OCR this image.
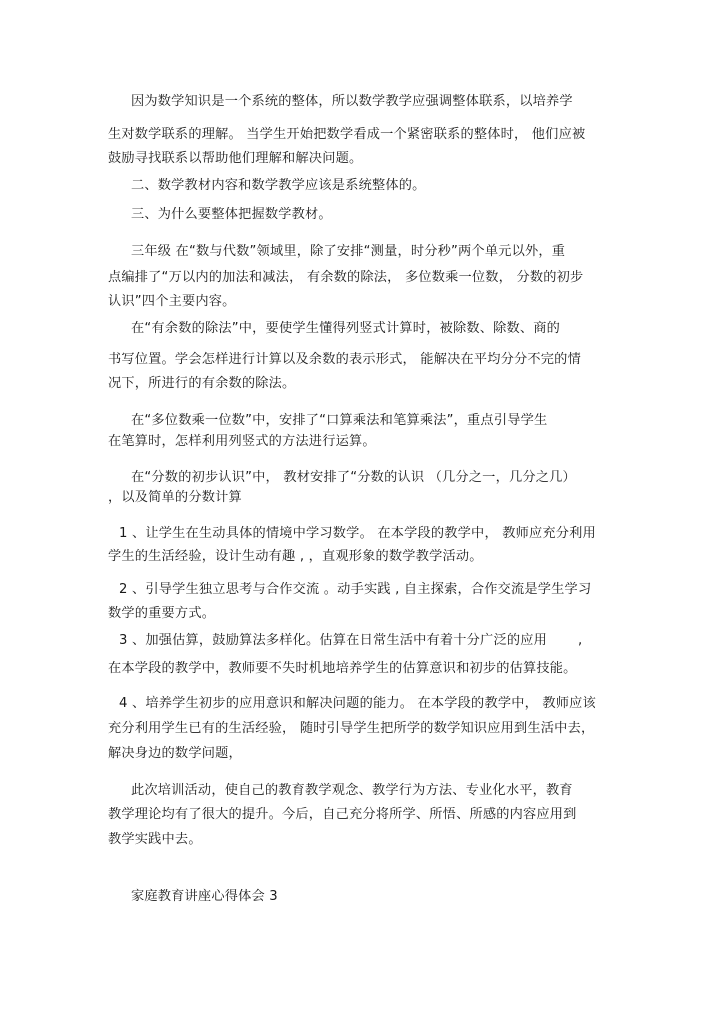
因为数学知识是一个系统的整体，所以数学教学应强调整体联系，以培养学
生对数学联系的理解。 当学生开始把数学看成一个紧密联系的整体时， 他们应被
鼓励寻找联系以帮助他们理解和解决问题。
二、数学教材内容和数学教学应该是系统整体的。
三、为什么要整体把握数学教材。
三年级 在“数与代数”领域里，除了安排“测量，时分秒”两个单元以外，重
点编排了“万以内的加法和减法， 有余数的除法， 多位数乘一位数， 分数的初步
认识”四个主要内容。
在“有余数的除法”中，要使学生懂得列竖式计算时，被除数、除数、商的
书写位置。学会怎样进行计算以及余数的表示形式， 能解决在平均分分不完的情
况下，所进行的有余数的除法。
在“多位数乘一位数”中，安排了“口算乘法和笔算乘法”，重点引导学生
在笔算时，怎样利用列竖式的方法进行运算。
在“分数的初步认识”中， 教材安排了“分数的认识 （几分之一，几分之几）
，以及简单的分数计算
1 、让学生在生动具体的情境中学习数学。 在本学段的教学中， 教师应充分利用
学生的生活经验，设计生动有趣 , ，直观形象的数学教学活动。
2 、引导学生独立思考与合作交流 。动手实践 , 自主探索，合作交流是学生学习
数学的重要方式。
3 、加强估算，鼓励算法多样化。估算在日常生活中有着十分广泛的应用 ,
在本学段的教学中，教师要不失时机地培养学生的估算意识和初步的估算技能。
4 、培养学生初步的应用意识和解决问题的能力。 在本学段的教学中， 教师应该
充分利用学生已有的生活经验， 随时引导学生把所学的数学知识应用到生活中去，
解决身边的数学问题，
此次培训活动，使自己的教育教学观念、教学行为方法、专业化水平，教育
教学理论均有了很大的提升。今后，自己充分将所学、所悟、所感的内容应用到
教学实践中去。
家庭教育讲座心得体会 3
